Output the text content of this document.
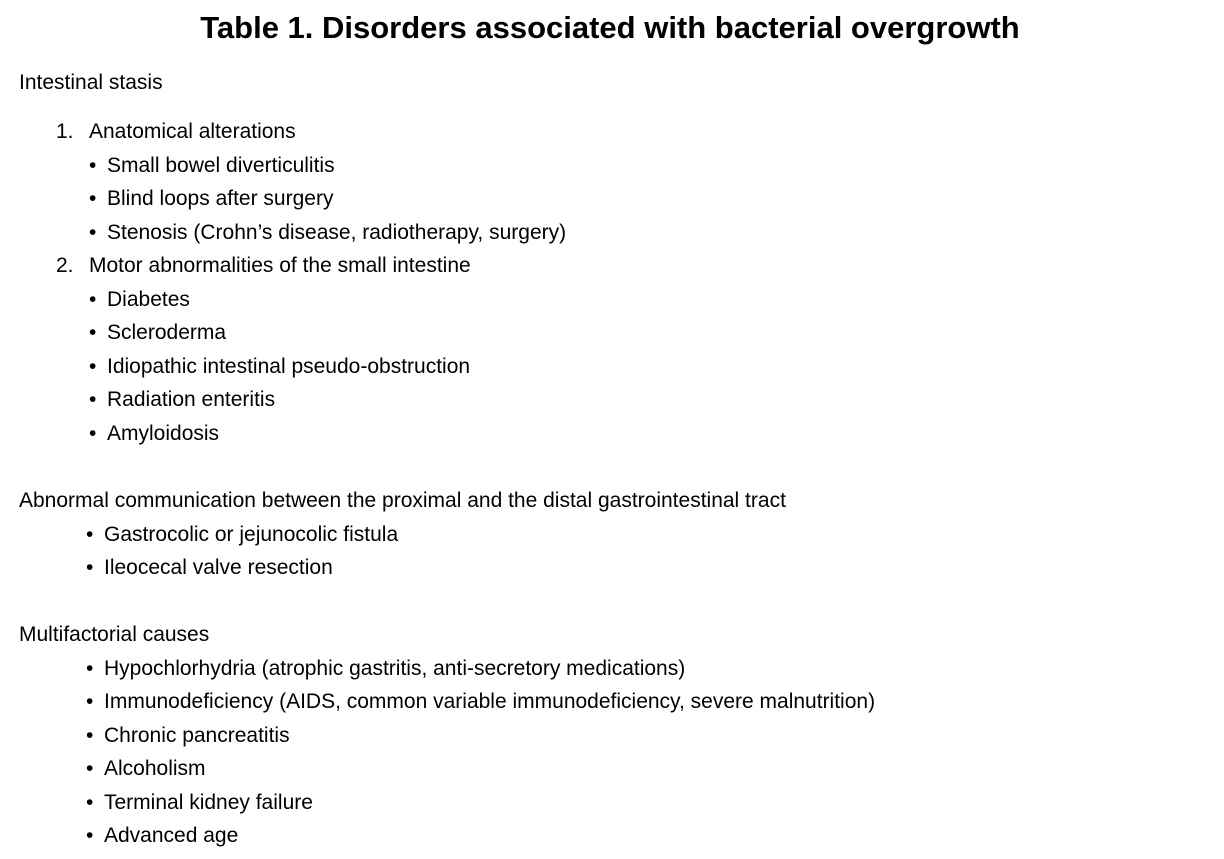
Table 1. Disorders associated with bacterial overgrowth
Intestinal stasis
1. Anatomical alterations
• Small bowel diverticulitis
• Blind loops after surgery
• Stenosis (Crohn’s disease, radiotherapy, surgery)
2. Motor abnormalities of the small intestine
• Diabetes
• Scleroderma
• Idiopathic intestinal pseudo-obstruction
• Radiation enteritis
• Amyloidosis
Abnormal communication between the proximal and the distal gastrointestinal tract
• Gastrocolic or jejunocolic fistula
• Ileocecal valve resection
Multifactorial causes
• Hypochlorhydria (atrophic gastritis, anti-secretory medications)
• Immunodeficiency (AIDS, common variable immunodeficiency, severe malnutrition)
• Chronic pancreatitis
• Alcoholism
• Terminal kidney failure
• Advanced age
